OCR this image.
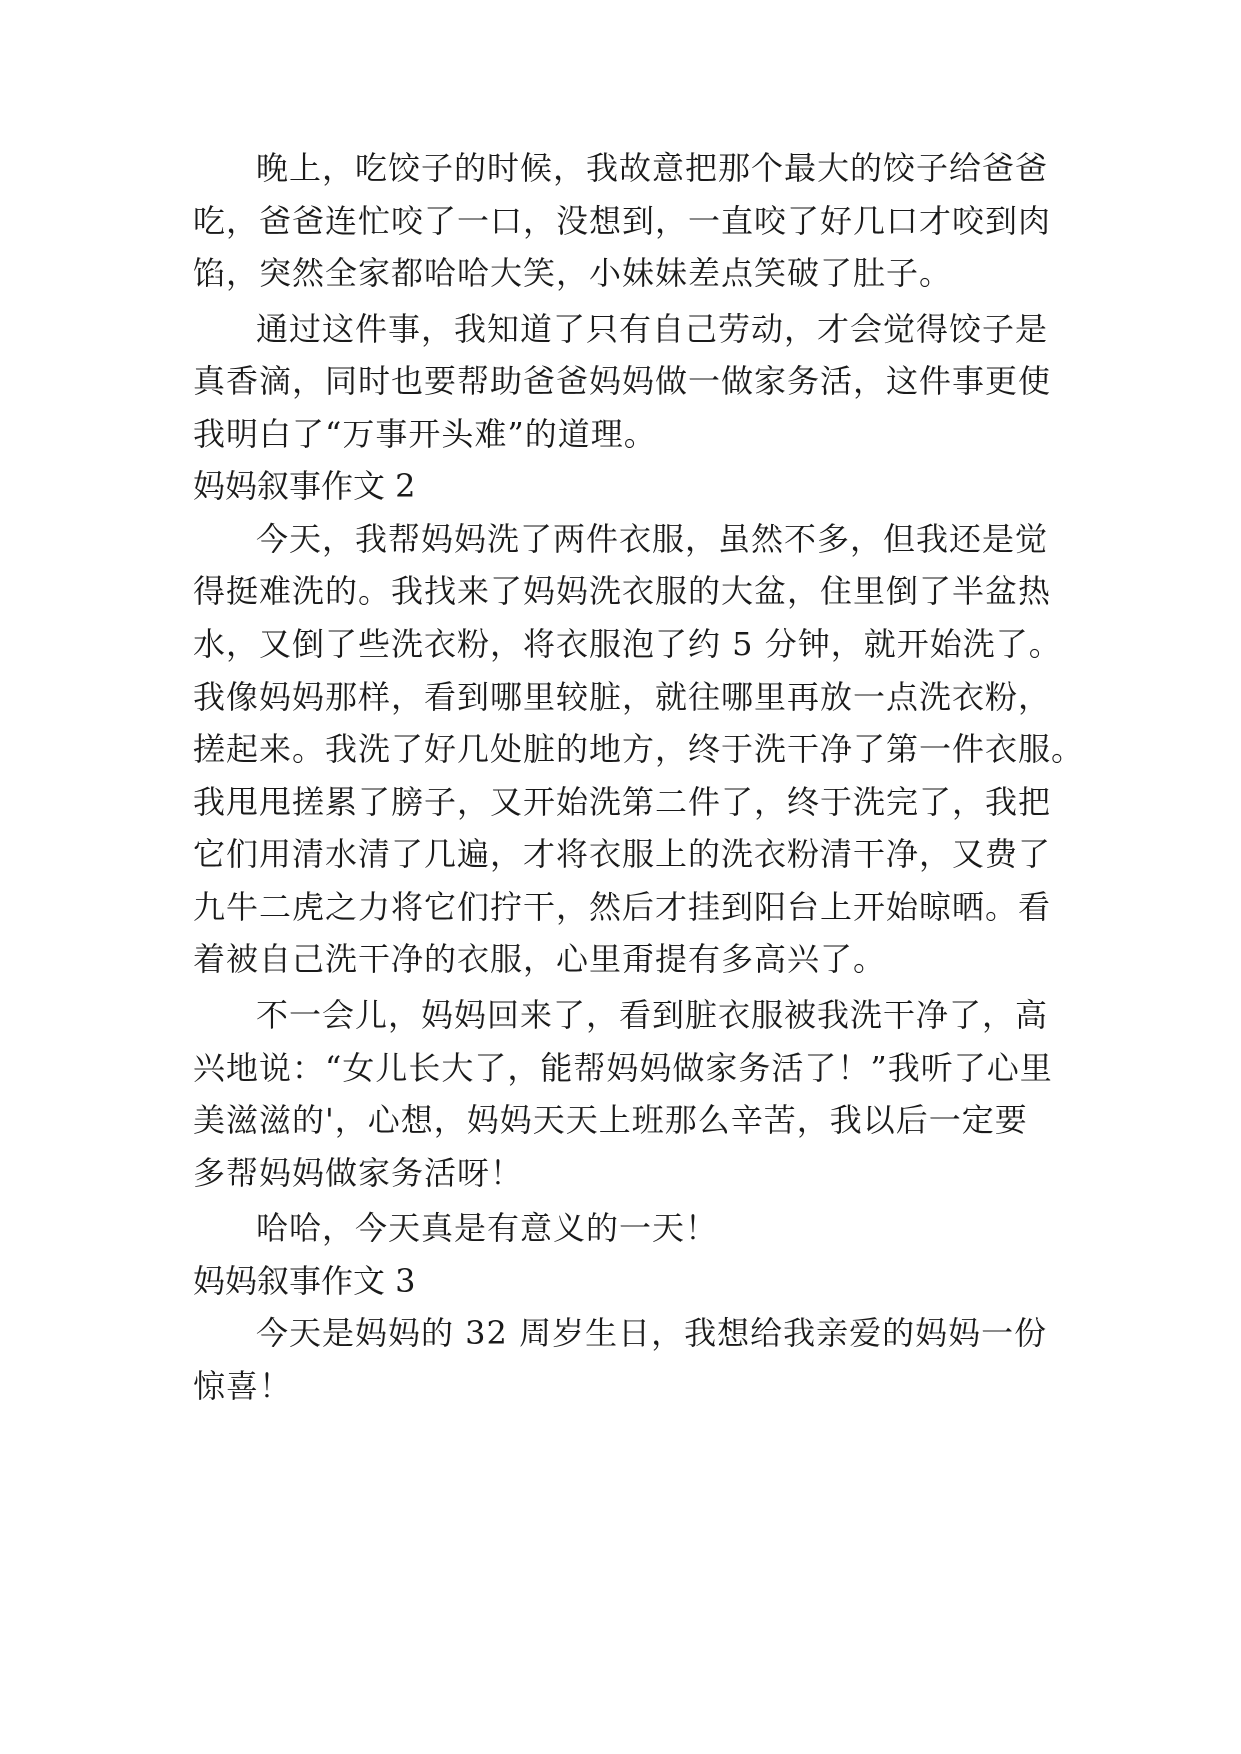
晚上，吃饺子的时候，我故意把那个最大的饺子给爸爸
吃，爸爸连忙咬了一口，没想到，一直咬了好几口才咬到肉
馅，突然全家都哈哈大笑，小妹妹差点笑破了肚子。
通过这件事，我知道了只有自己劳动，才会觉得饺子是
真香滴，同时也要帮助爸爸妈妈做一做家务活，这件事更使
我明白了“万事开头难”的道理。
妈妈叙事作文 2
今天，我帮妈妈洗了两件衣服，虽然不多，但我还是觉
得挺难洗的。我找来了妈妈洗衣服的大盆，住里倒了半盆热
水，又倒了些洗衣粉，将衣服泡了约 5 分钟，就开始洗了。
我像妈妈那样，看到哪里较脏，就往哪里再放一点洗衣粉，
搓起来。我洗了好几处脏的地方，终于洗干净了第一件衣服。
我甩甩搓累了膀子，又开始洗第二件了，终于洗完了，我把
它们用清水清了几遍，才将衣服上的洗衣粉清干净，又费了
九牛二虎之力将它们拧干，然后才挂到阳台上开始晾晒。看
着被自己洗干净的衣服，心里甭提有多高兴了。
不一会儿，妈妈回来了，看到脏衣服被我洗干净了，高
兴地说：“女儿长大了，能帮妈妈做家务活了！”我听了心里
美滋滋的'，心想，妈妈天天上班那么辛苦，我以后一定要
多帮妈妈做家务活呀！
哈哈，今天真是有意义的一天！
妈妈叙事作文 3
今天是妈妈的 32 周岁生日，我想给我亲爱的妈妈一份
惊喜！
